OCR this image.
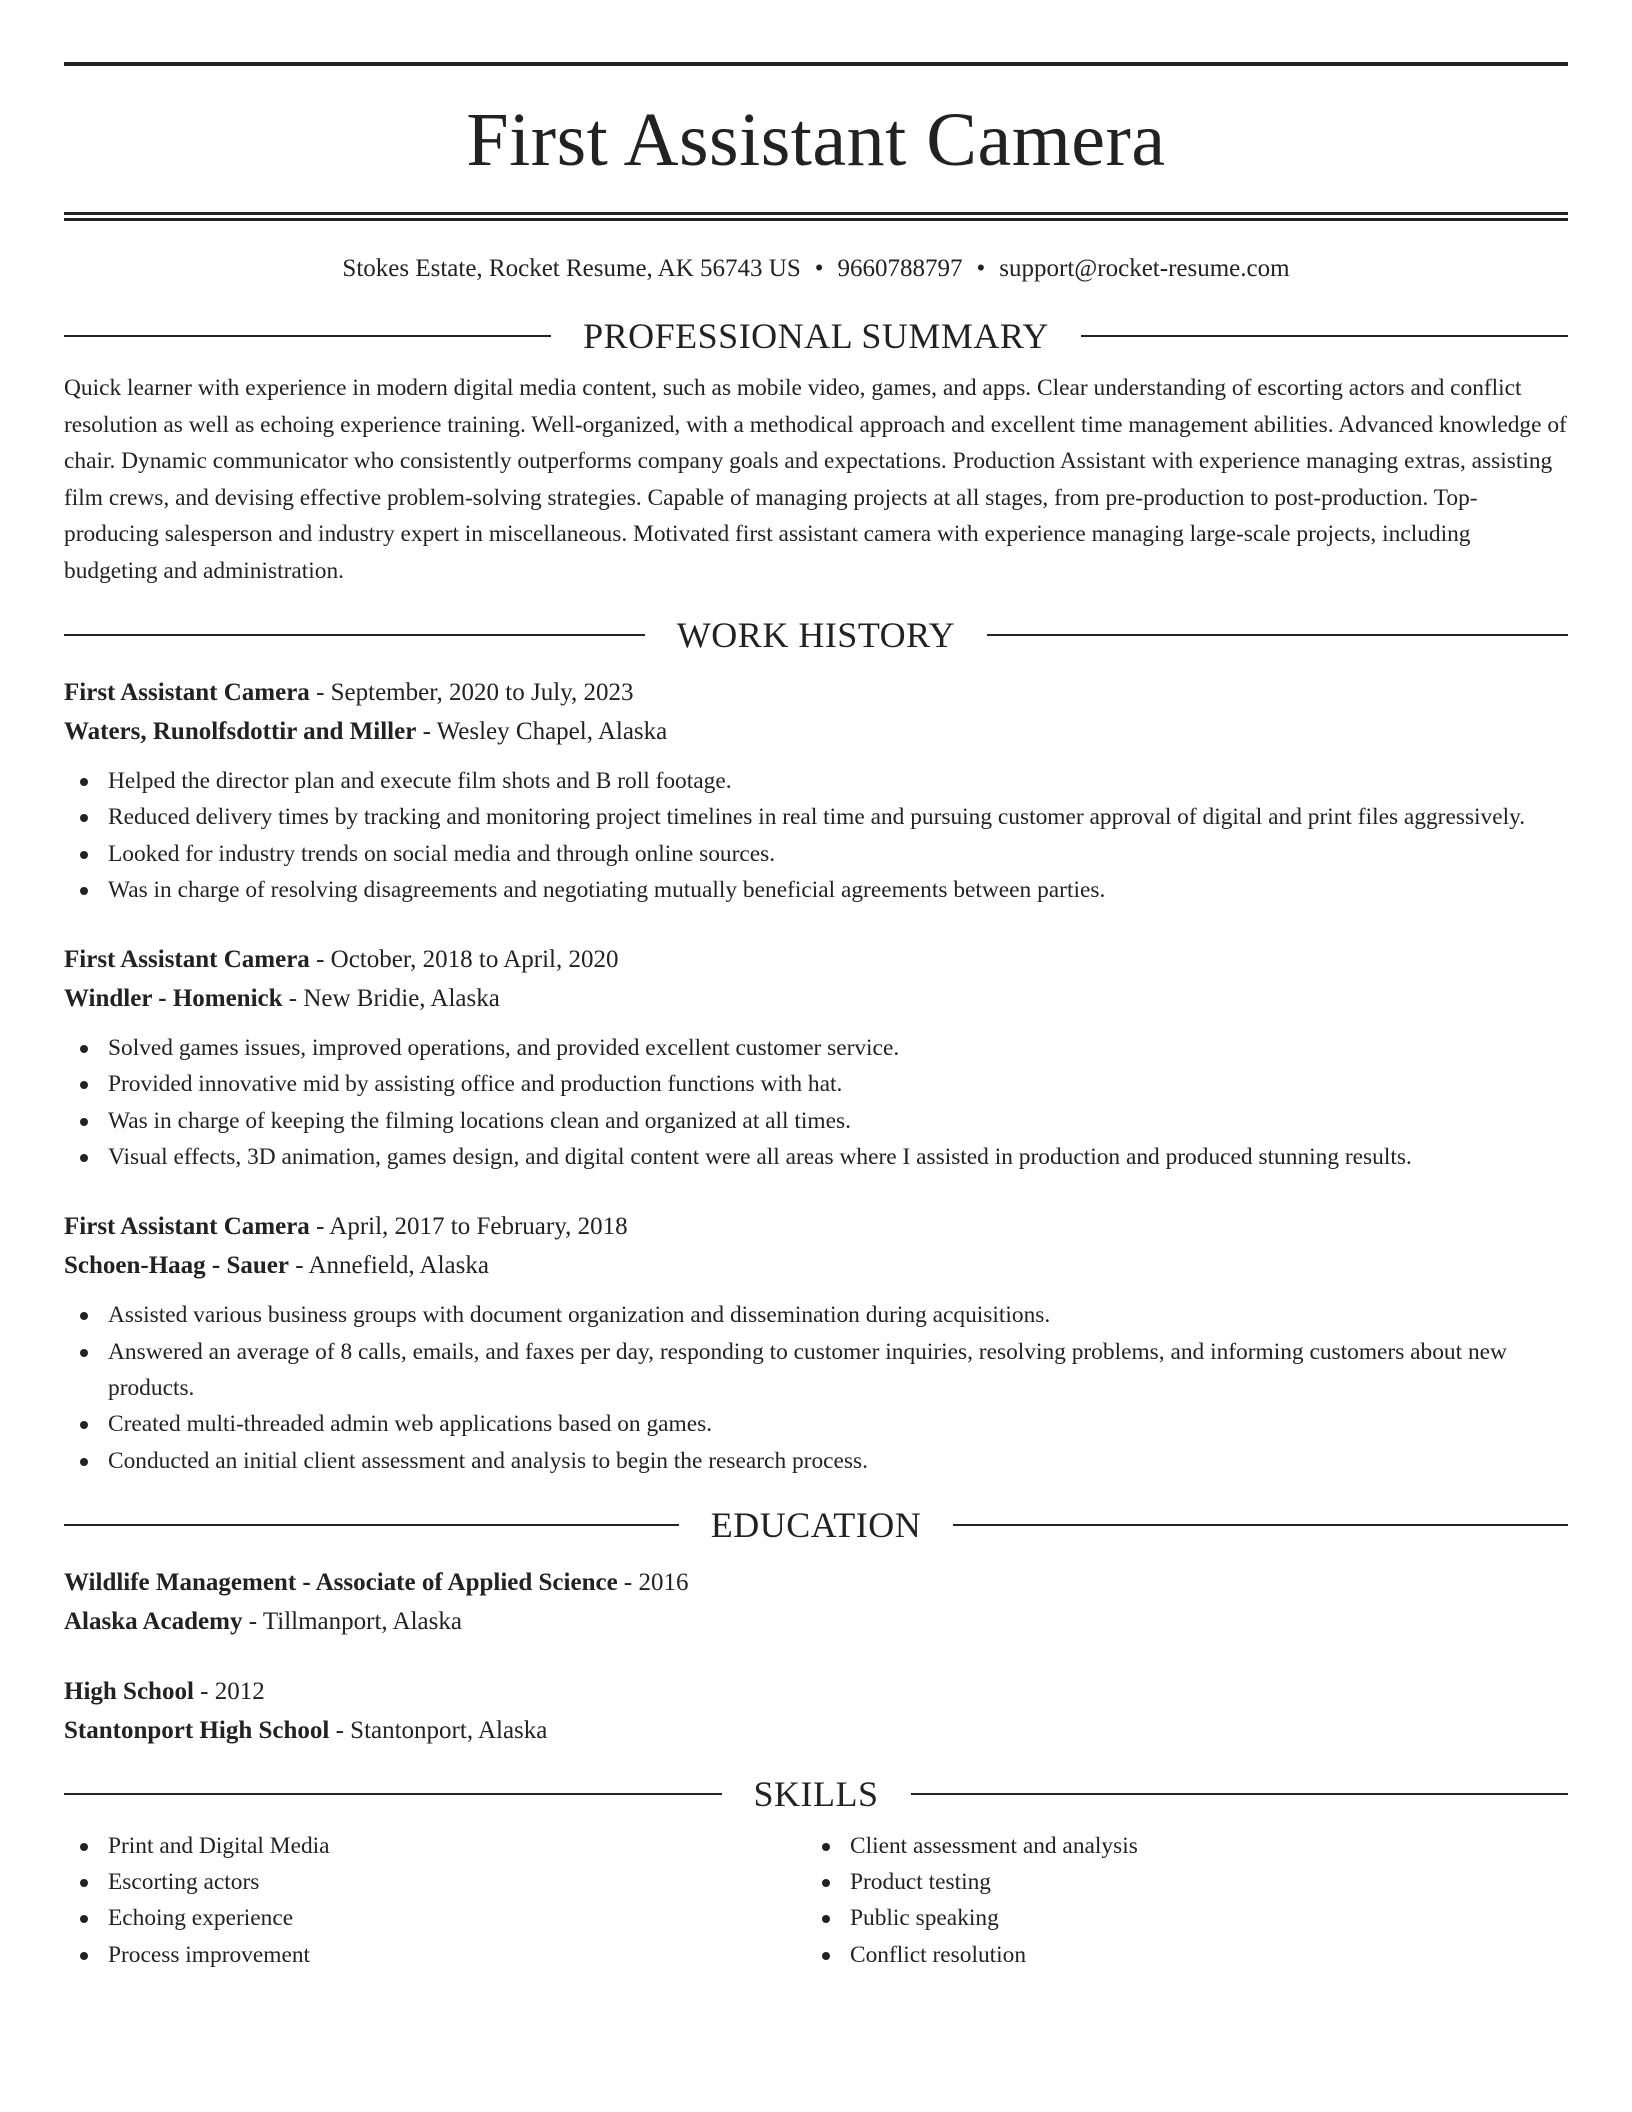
First Assistant Camera
Stokes Estate, Rocket Resume, AK 56743 US • 9660788797 • support@rocket-resume.com
PROFESSIONAL SUMMARY

Quick learner with experience in modern digital media content, such as mobile video, games, and apps. Clear understanding of escorting actors and conflict resolution as well as echoing experience training. Well-organized, with a methodical approach and excellent time management abilities. Advanced knowledge of chair. Dynamic communicator who consistently outperforms company goals and expectations. Production Assistant with experience managing extras, assisting film crews, and devising effective problem-solving strategies. Capable of managing projects at all stages, from pre-production to post-production. Top-producing salesperson and industry expert in miscellaneous. Motivated first assistant camera with experience managing large-scale projects, including budgeting and administration.

WORK HISTORY
First Assistant Camera - September, 2020 to July, 2023
Waters, Runolfsdottir and Miller - Wesley Chapel, Alaska
Helped the director plan and execute film shots and B roll footage.
Reduced delivery times by tracking and monitoring project timelines in real time and pursuing customer approval of digital and print files aggressively.
Looked for industry trends on social media and through online sources.
Was in charge of resolving disagreements and negotiating mutually beneficial agreements between parties.
First Assistant Camera - October, 2018 to April, 2020
Windler - Homenick - New Bridie, Alaska
Solved games issues, improved operations, and provided excellent customer service.
Provided innovative mid by assisting office and production functions with hat.
Was in charge of keeping the filming locations clean and organized at all times.
Visual effects, 3D animation, games design, and digital content were all areas where I assisted in production and produced stunning results.
First Assistant Camera - April, 2017 to February, 2018
Schoen-Haag - Sauer - Annefield, Alaska
Assisted various business groups with document organization and dissemination during acquisitions.
Answered an average of 8 calls, emails, and faxes per day, responding to customer inquiries, resolving problems, and informing customers about new products.
Created multi-threaded admin web applications based on games.
Conducted an initial client assessment and analysis to begin the research process.
EDUCATION
Wildlife Management - Associate of Applied Science - 2016
Alaska Academy - Tillmanport, Alaska
High School - 2012
Stantonport High School - Stantonport, Alaska
SKILLS
Print and Digital Media
Escorting actors
Echoing experience
Process improvement
Client assessment and analysis
Product testing
Public speaking
Conflict resolution
